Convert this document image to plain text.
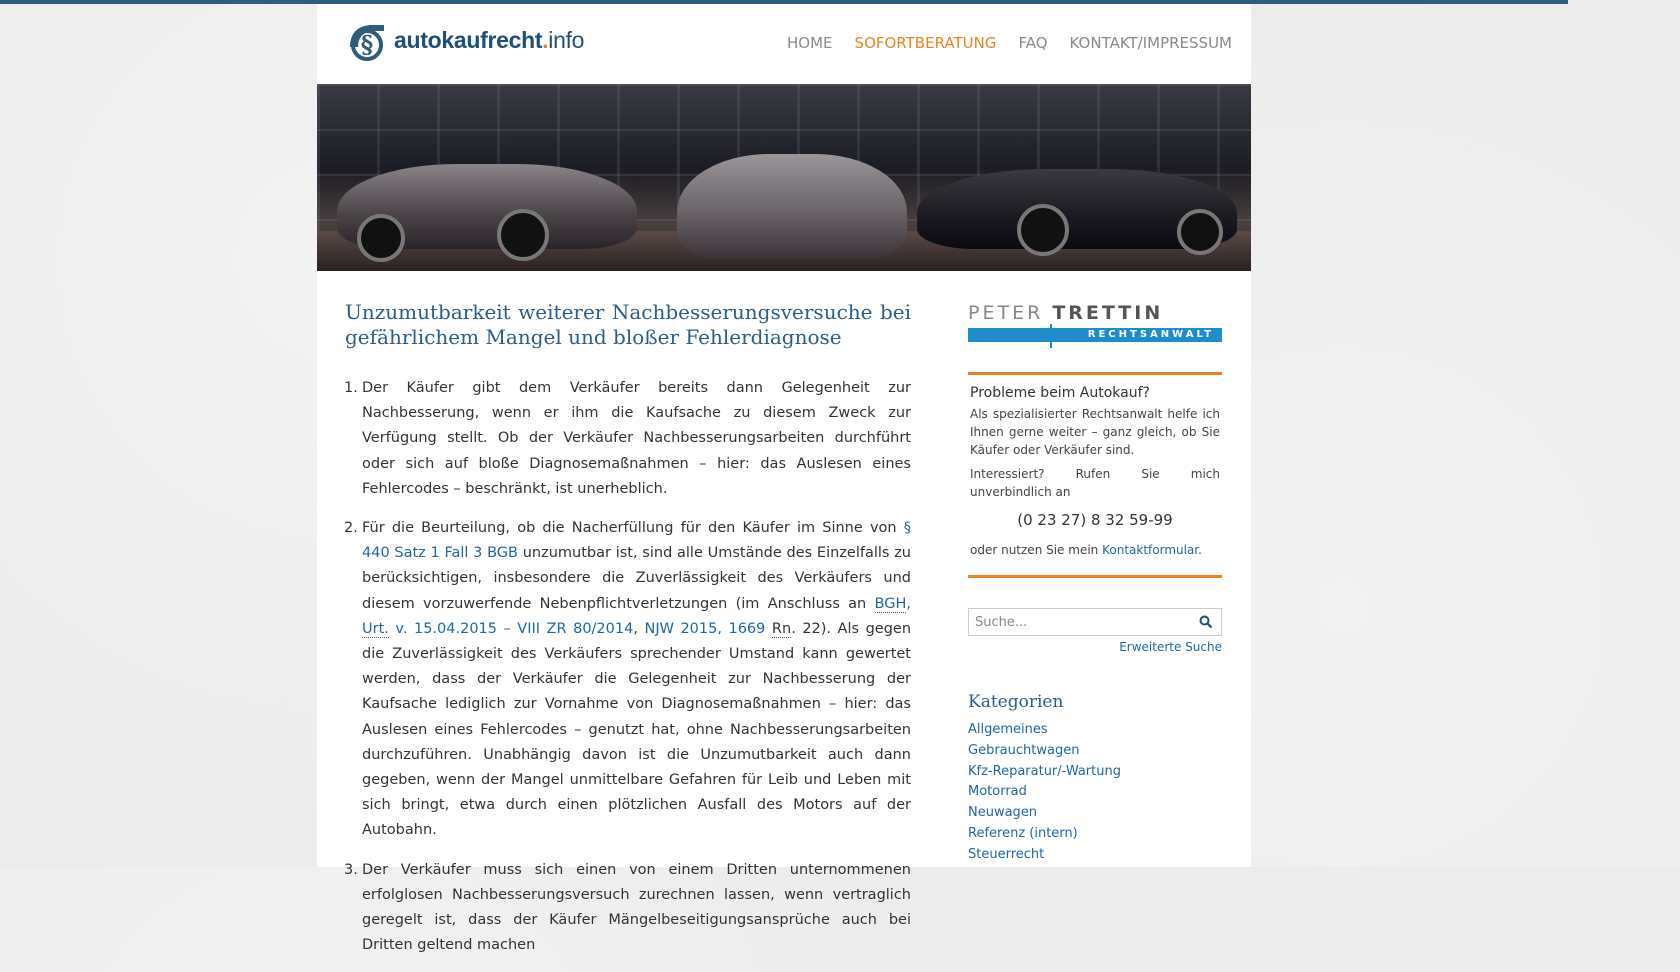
§ autokaufrecht.info	HOME SOFORTBERATUNG FAQ KONTAKT/IMPRESSUM
Unzumutbarkeit weiterer Nachbesserungsversuche bei gefährlichem Mangel und bloßer Fehlerdiagnose
1. Der Käufer gibt dem Verkäufer bereits dann Gelegenheit zur Nachbesserung, wenn er ihm die Kaufsache zu diesem Zweck zur Verfügung stellt. Ob der Verkäufer Nachbesserungsarbeiten durchführt oder sich auf bloße Diagnosemaßnahmen – hier: das Auslesen eines Fehlercodes – beschränkt, ist unerheblich.
2. Für die Beurteilung, ob die Nacherfüllung für den Käufer im Sinne von § 440 Satz 1 Fall 3 BGB unzumutbar ist, sind alle Umstände des Einzelfalls zu berücksichtigen, insbesondere die Zuverlässigkeit des Verkäufers und diesem vorzuwerfende Nebenpflichtverletzungen (im Anschluss an BGH, Urt. v. 15.04.2015 – VIII ZR 80/2014, NJW 2015, 1669 Rn. 22). Als gegen die Zuverlässigkeit des Verkäufers sprechender Umstand kann gewertet werden, dass der Verkäufer die Gelegenheit zur Nachbesserung der Kaufsache lediglich zur Vornahme von Diagnosemaßnahmen – hier: das Auslesen eines Fehlercodes – genutzt hat, ohne Nachbesserungsarbeiten durchzuführen. Unabhängig davon ist die Unzumutbarkeit auch dann gegeben, wenn der Mangel unmittelbare Gefahren für Leib und Leben mit sich bringt, etwa durch einen plötzlichen Ausfall des Motors auf der Autobahn.
3. Der Verkäufer muss sich einen von einem Dritten unternommenen erfolglosen Nachbesserungsversuch zurechnen lassen, wenn vertraglich geregelt ist, dass der Käufer Mängelbeseitigungsansprüche auch bei Dritten geltend machen
PETER TRETTIN
RECHTSANWALT
Probleme beim Autokauf?

Als spezialisierter Rechtsanwalt helfe ich Ihnen gerne weiter – ganz gleich, ob Sie Käufer oder Verkäufer sind.

Interessiert? Rufen Sie mich unverbindlich an

(0 23 27) 8 32 59-99

oder nutzen Sie mein Kontaktformular.

Suche...
Erweiterte Suche
Kategorien
Allgemeines
Gebrauchtwagen
Kfz-Reparatur/-Wartung
Motorrad
Neuwagen
Referenz (intern)
Steuerrecht
